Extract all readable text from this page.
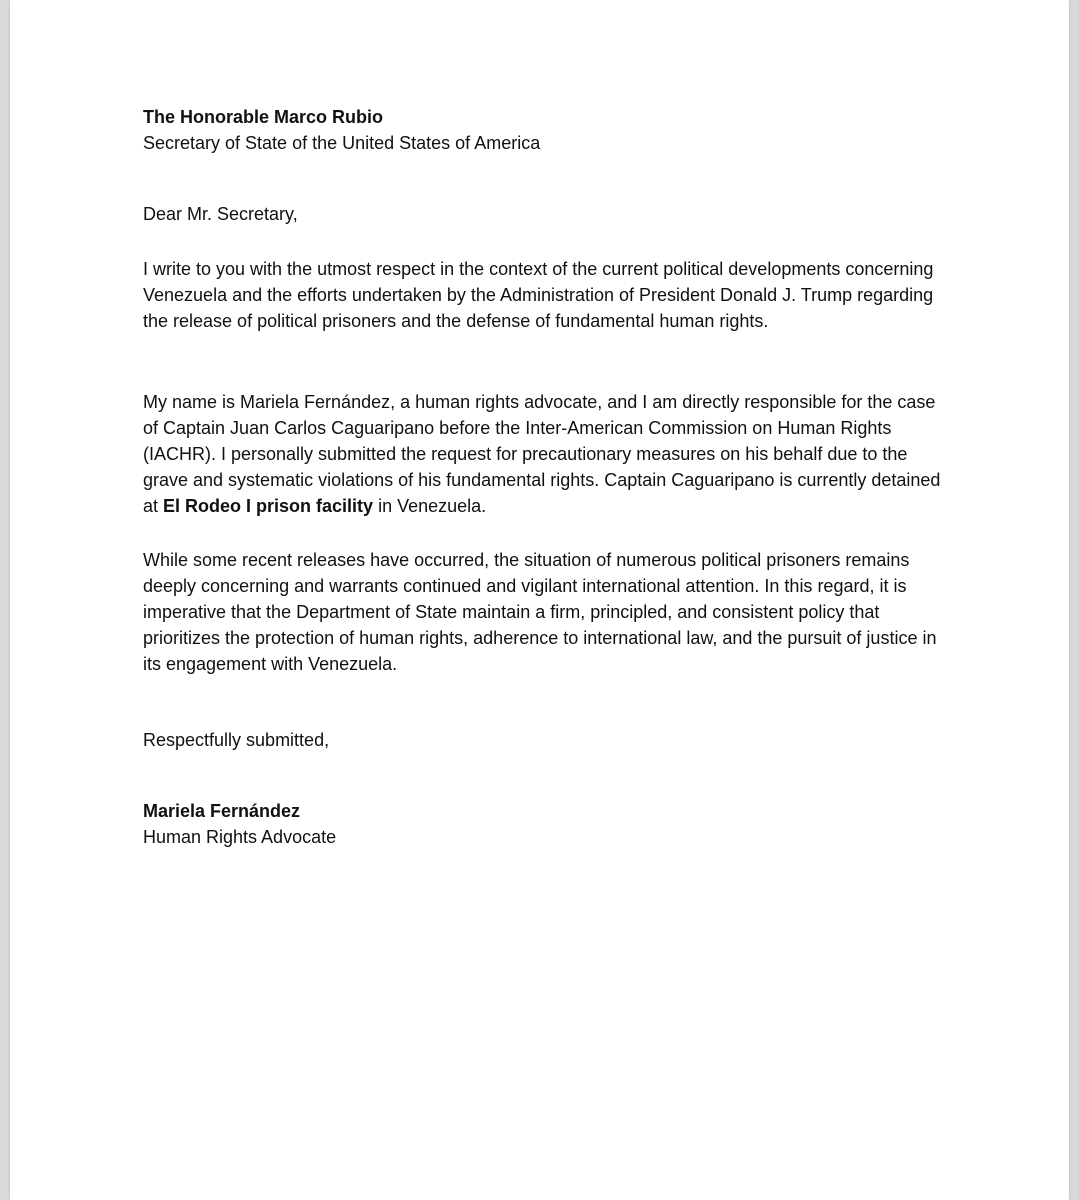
The Honorable Marco Rubio

Secretary of State of the United States of America

Dear Mr. Secretary,

I write to you with the utmost respect in the context of the current political developments concerning Venezuela and the efforts undertaken by the Administration of President Donald J. Trump regarding the release of political prisoners and the defense of fundamental human rights.

My name is Mariela Fernández, a human rights advocate, and I am directly responsible for the case of Captain Juan Carlos Caguaripano before the Inter-American Commission on Human Rights (IACHR). I personally submitted the request for precautionary measures on his behalf due to the grave and systematic violations of his fundamental rights. Captain Caguaripano is currently detained at El Rodeo I prison facility in Venezuela.

While some recent releases have occurred, the situation of numerous political prisoners remains deeply concerning and warrants continued and vigilant international attention. In this regard, it is imperative that the Department of State maintain a firm, principled, and consistent policy that prioritizes the protection of human rights, adherence to international law, and the pursuit of justice in its engagement with Venezuela.

Respectfully submitted,

Mariela Fernández

Human Rights Advocate
